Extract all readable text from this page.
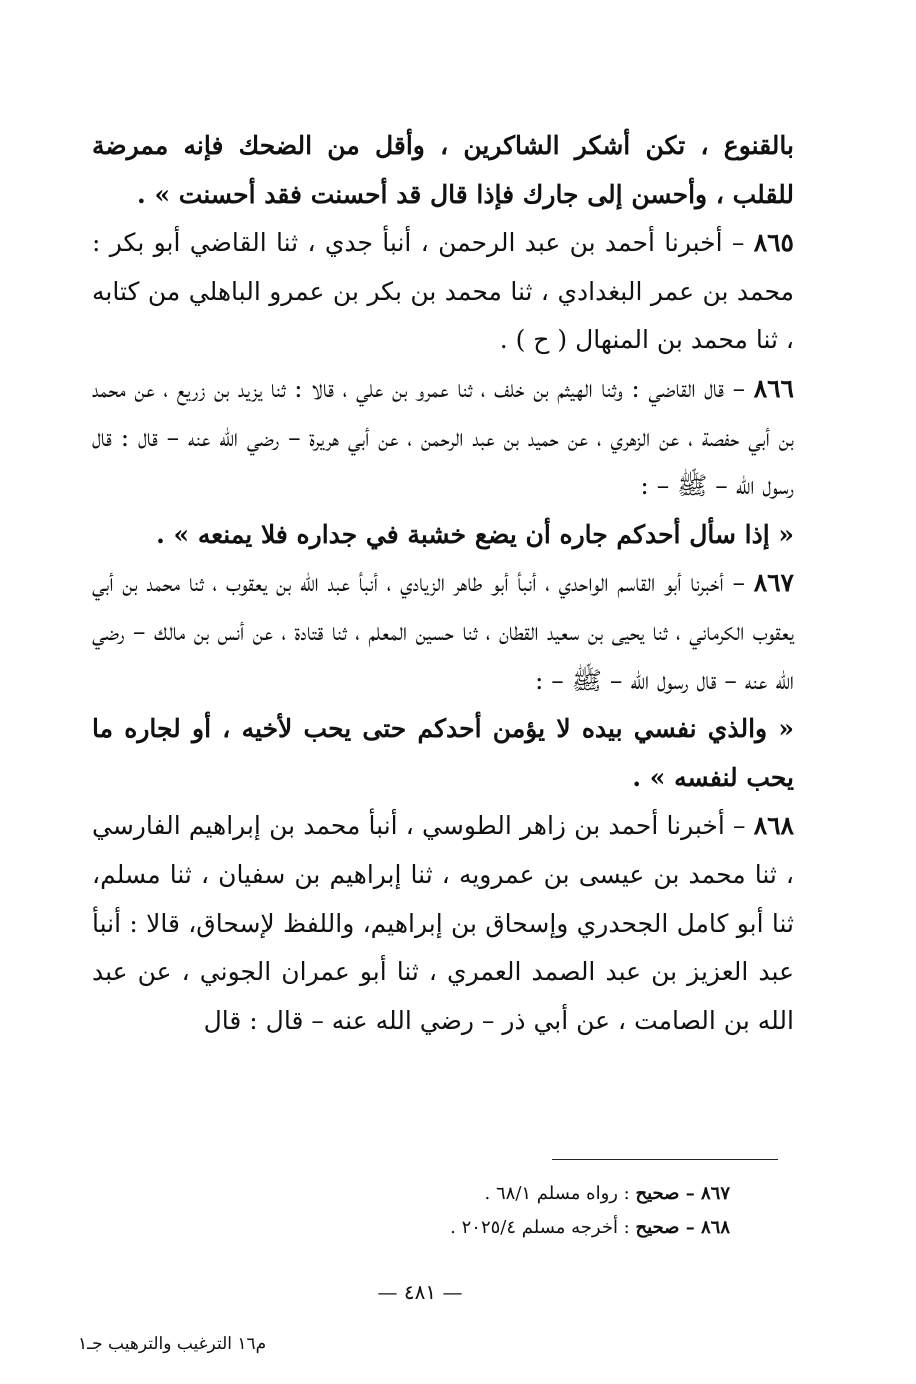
بالقنوع ، تكن أشكر الشاكرين ، وأقل من الضحك فإنه ممرضة للقلب ، وأحسن إلى جارك فإذا قال قد أحسنت فقد أحسنت » .

٨٦٥ – أخبرنا أحمد بن عبد الرحمن ، أنبأ جدي ، ثنا القاضي أبو بكر : محمد بن عمر البغدادي ، ثنا محمد بن بكر بن عمرو الباهلي من كتابه ، ثنا محمد بن المنهال ( ح ) .

٨٦٦ – قال القاضي : وثنا الهيثم بن خلف ، ثنا عمرو بن علي ، قالا : ثنا يزيد بن زريع ، عن محمد بن أبي حفصة ، عن الزهري ، عن حميد بن عبد الرحمن ، عن أبي هريرة – رضي الله عنه – قال : قال رسول الله – ﷺ – :

« إذا سأل أحدكم جاره أن يضع خشبة في جداره فلا يمنعه » .

٨٦٧ – أخبرنا أبو القاسم الواحدي ، أنبأ أبو طاهر الزيادي ، أنبأ عبد الله بن يعقوب ، ثنا محمد بن أبي يعقوب الكرماني ، ثنا يحيى بن سعيد القطان ، ثنا حسين المعلم ، ثنا قتادة ، عن أنس بن مالك – رضي الله عنه – قال رسول الله – ﷺ – :

« والذي نفسي بيده لا يؤمن أحدكم حتى يحب لأخيه ، أو لجاره ما يحب لنفسه » .

٨٦٨ – أخبرنا أحمد بن زاهر الطوسي ، أنبأ محمد بن إبراهيم الفارسي ، ثنا محمد بن عيسى بن عمرويه ، ثنا إبراهيم بن سفيان ، ثنا مسلم، ثنا أبو كامل الجحدري وإسحاق بن إبراهيم، واللفظ لإسحاق، قالا : أنبأ عبد العزيز بن عبد الصمد العمري ، ثنا أبو عمران الجوني ، عن عبد الله بن الصامت ، عن أبي ذر – رضي الله عنه – قال : قال

٨٦٧ – صحيح : رواه مسلم ٦٨/١ .
٨٦٨ – صحيح : أخرجه مسلم ٢٠٢٥/٤ .
— ٤٨١ —
م١٦ الترغيب والترهيب جـ١
